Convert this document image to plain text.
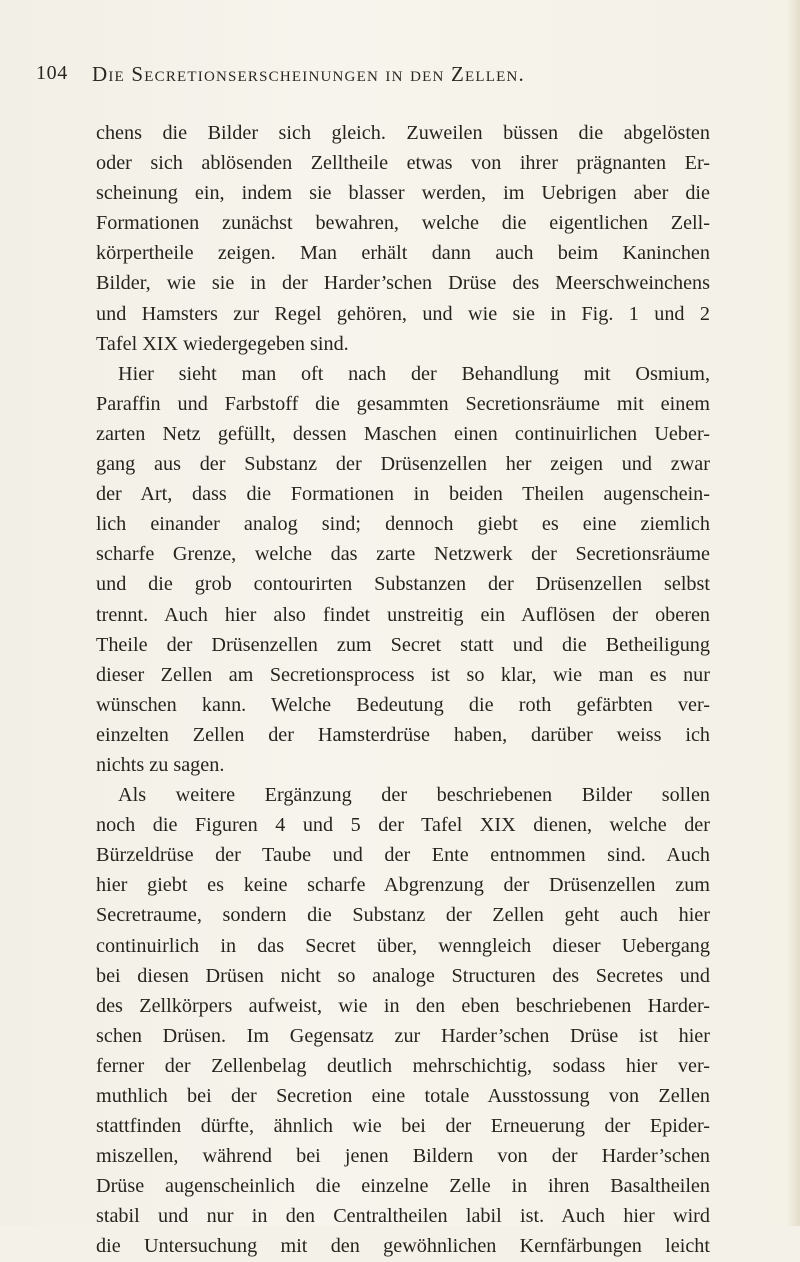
104 Die Secretionserscheinungen in den Zellen.
chens die Bilder sich gleich. Zuweilen büssen die abgelösten
oder sich ablösenden Zelltheile etwas von ihrer prägnanten Er-
scheinung ein, indem sie blasser werden, im Uebrigen aber die
Formationen zunächst bewahren, welche die eigentlichen Zell-
körpertheile zeigen. Man erhält dann auch beim Kaninchen
Bilder, wie sie in der Harder’schen Drüse des Meerschweinchens
und Hamsters zur Regel gehören, und wie sie in Fig. 1 und 2
Tafel XIX wiedergegeben sind.
Hier sieht man oft nach der Behandlung mit Osmium,
Paraffin und Farbstoff die gesammten Secretionsräume mit einem
zarten Netz gefüllt, dessen Maschen einen continuirlichen Ueber-
gang aus der Substanz der Drüsenzellen her zeigen und zwar
der Art, dass die Formationen in beiden Theilen augenschein-
lich einander analog sind; dennoch giebt es eine ziemlich
scharfe Grenze, welche das zarte Netzwerk der Secretionsräume
und die grob contourirten Substanzen der Drüsenzellen selbst
trennt. Auch hier also findet unstreitig ein Auflösen der oberen
Theile der Drüsenzellen zum Secret statt und die Betheiligung
dieser Zellen am Secretionsprocess ist so klar, wie man es nur
wünschen kann. Welche Bedeutung die roth gefärbten ver-
einzelten Zellen der Hamsterdrüse haben, darüber weiss ich
nichts zu sagen.
Als weitere Ergänzung der beschriebenen Bilder sollen
noch die Figuren 4 und 5 der Tafel XIX dienen, welche der
Bürzeldrüse der Taube und der Ente entnommen sind. Auch
hier giebt es keine scharfe Abgrenzung der Drüsenzellen zum
Secretraume, sondern die Substanz der Zellen geht auch hier
continuirlich in das Secret über, wenngleich dieser Uebergang
bei diesen Drüsen nicht so analoge Structuren des Secretes und
des Zellkörpers aufweist, wie in den eben beschriebenen Harder-
schen Drüsen. Im Gegensatz zur Harder’schen Drüse ist hier
ferner der Zellenbelag deutlich mehrschichtig, sodass hier ver-
muthlich bei der Secretion eine totale Ausstossung von Zellen
stattfinden dürfte, ähnlich wie bei der Erneuerung der Epider-
miszellen, während bei jenen Bildern von der Harder’schen
Drüse augenscheinlich die einzelne Zelle in ihren Basaltheilen
stabil und nur in den Centraltheilen labil ist. Auch hier wird
die Untersuchung mit den gewöhnlichen Kernfärbungen leicht
